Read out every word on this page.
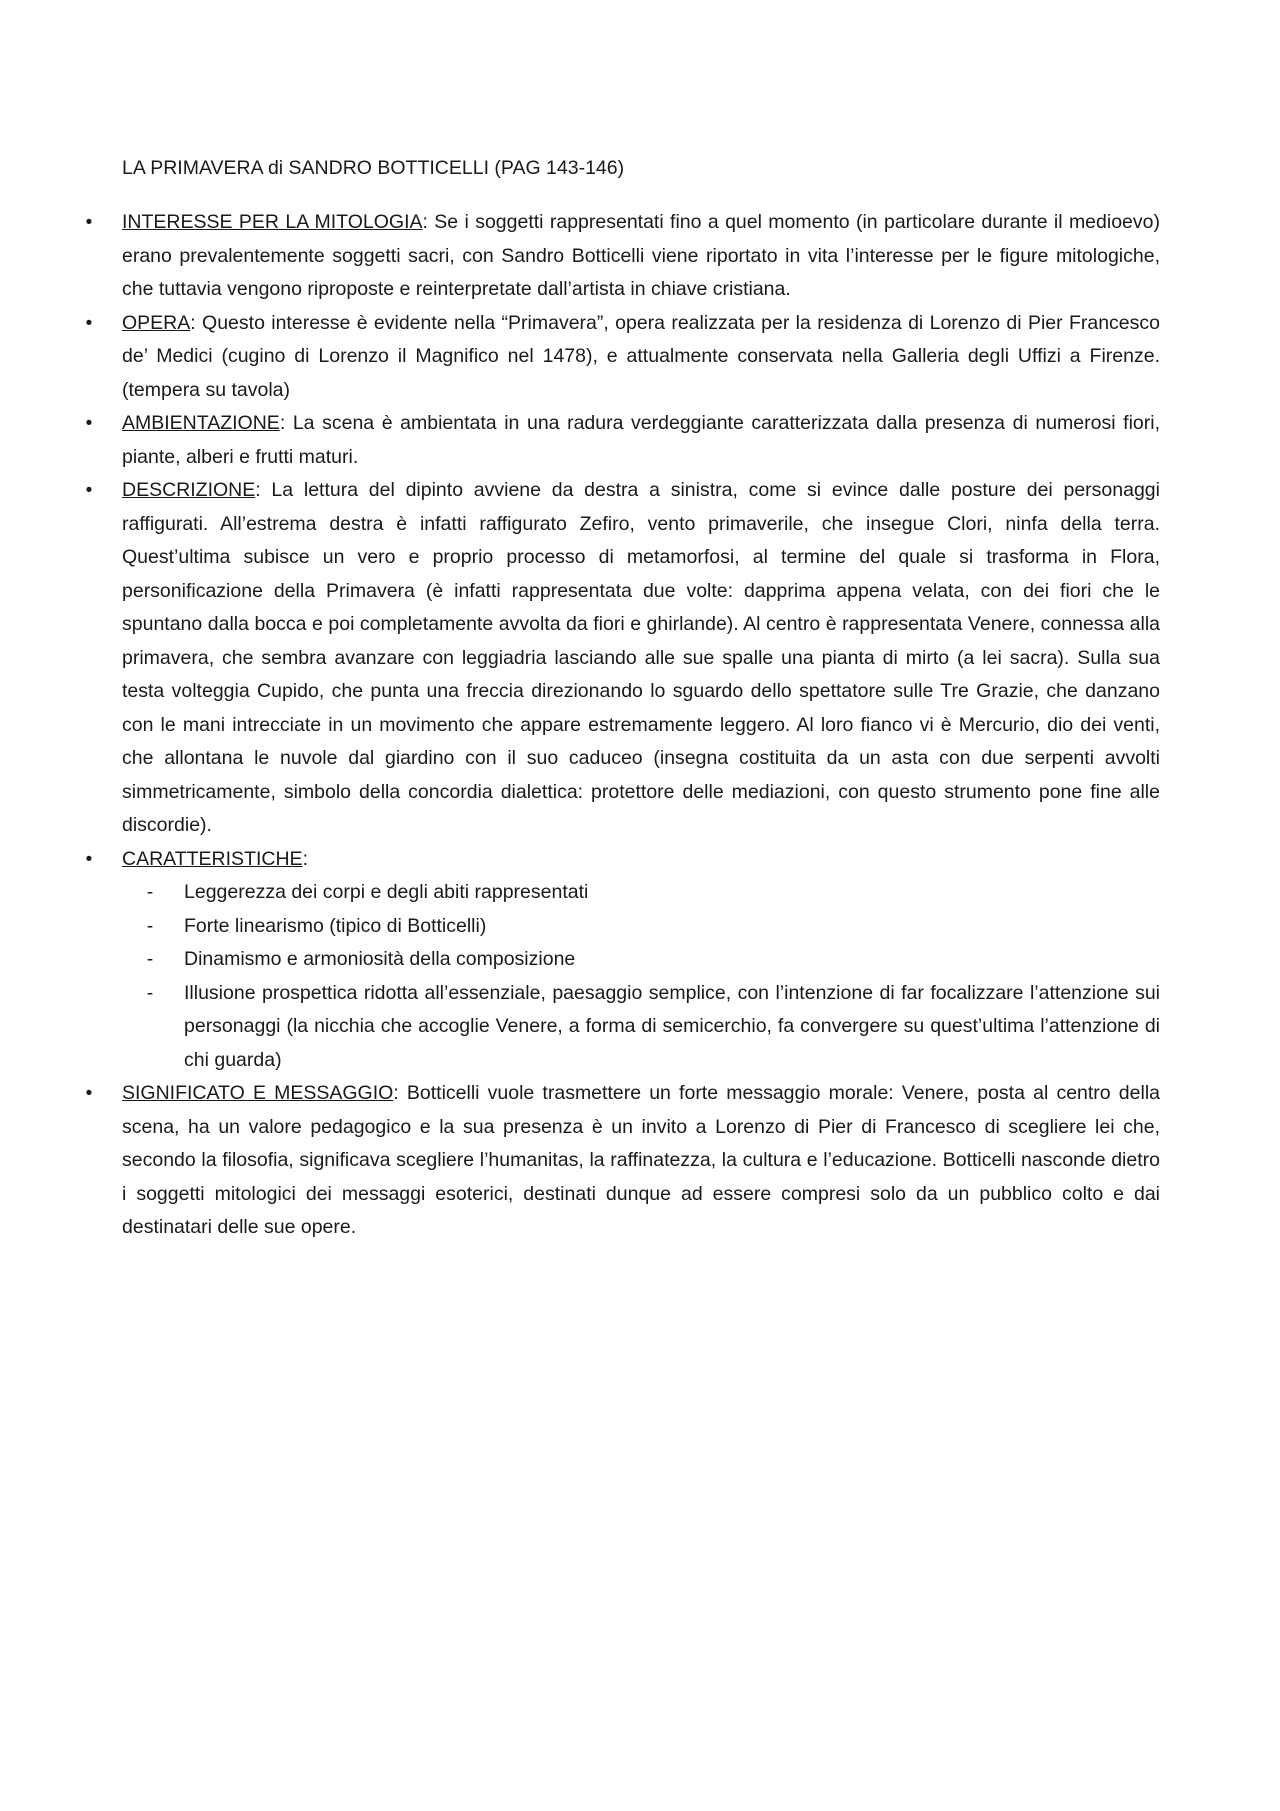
LA PRIMAVERA di SANDRO BOTTICELLI (PAG 143-146)
• INTERESSE PER LA MITOLOGIA: Se i soggetti rappresentati fino a quel momento (in particolare durante il medioevo) erano prevalentemente soggetti sacri, con Sandro Botticelli viene riportato in vita l’interesse per le figure mitologiche, che tuttavia vengono riproposte e reinterpretate dall’artista in chiave cristiana.
• OPERA: Questo interesse è evidente nella “Primavera”, opera realizzata per la residenza di Lorenzo di Pier Francesco de’ Medici (cugino di Lorenzo il Magnifico nel 1478), e attualmente conservata nella Galleria degli Uffizi a Firenze. (tempera su tavola)
• AMBIENTAZIONE: La scena è ambientata in una radura verdeggiante caratterizzata dalla presenza di numerosi fiori, piante, alberi e frutti maturi.
• DESCRIZIONE: La lettura del dipinto avviene da destra a sinistra, come si evince dalle posture dei personaggi raffigurati. All’estrema destra è infatti raffigurato Zefiro, vento primaverile, che insegue Clori, ninfa della terra. Quest’ultima subisce un vero e proprio processo di metamorfosi, al termine del quale si trasforma in Flora, personificazione della Primavera (è infatti rappresentata due volte: dapprima appena velata, con dei fiori che le spuntano dalla bocca e poi completamente avvolta da fiori e ghirlande). Al centro è rappresentata Venere, connessa alla primavera, che sembra avanzare con leggiadria lasciando alle sue spalle una pianta di mirto (a lei sacra). Sulla sua testa volteggia Cupido, che punta una freccia direzionando lo sguardo dello spettatore sulle Tre Grazie, che danzano con le mani intrecciate in un movimento che appare estremamente leggero. Al loro fianco vi è Mercurio, dio dei venti, che allontana le nuvole dal giardino con il suo caduceo (insegna costituita da un asta con due serpenti avvolti simmetricamente, simbolo della concordia dialettica: protettore delle mediazioni, con questo strumento pone fine alle discordie).
• CARATTERISTICHE:
- Leggerezza dei corpi e degli abiti rappresentati
- Forte linearismo (tipico di Botticelli)
- Dinamismo e armoniosità della composizione
- Illusione prospettica ridotta all’essenziale, paesaggio semplice, con l’intenzione di far focalizzare l’attenzione sui personaggi (la nicchia che accoglie Venere, a forma di semicerchio, fa convergere su quest’ultima l’attenzione di chi guarda)
• SIGNIFICATO E MESSAGGIO: Botticelli vuole trasmettere un forte messaggio morale: Venere, posta al centro della scena, ha un valore pedagogico e la sua presenza è un invito a Lorenzo di Pier di Francesco di scegliere lei che, secondo la filosofia, significava scegliere l’humanitas, la raffinatezza, la cultura e l’educazione. Botticelli nasconde dietro i soggetti mitologici dei messaggi esoterici, destinati dunque ad essere compresi solo da un pubblico colto e dai destinatari delle sue opere.
